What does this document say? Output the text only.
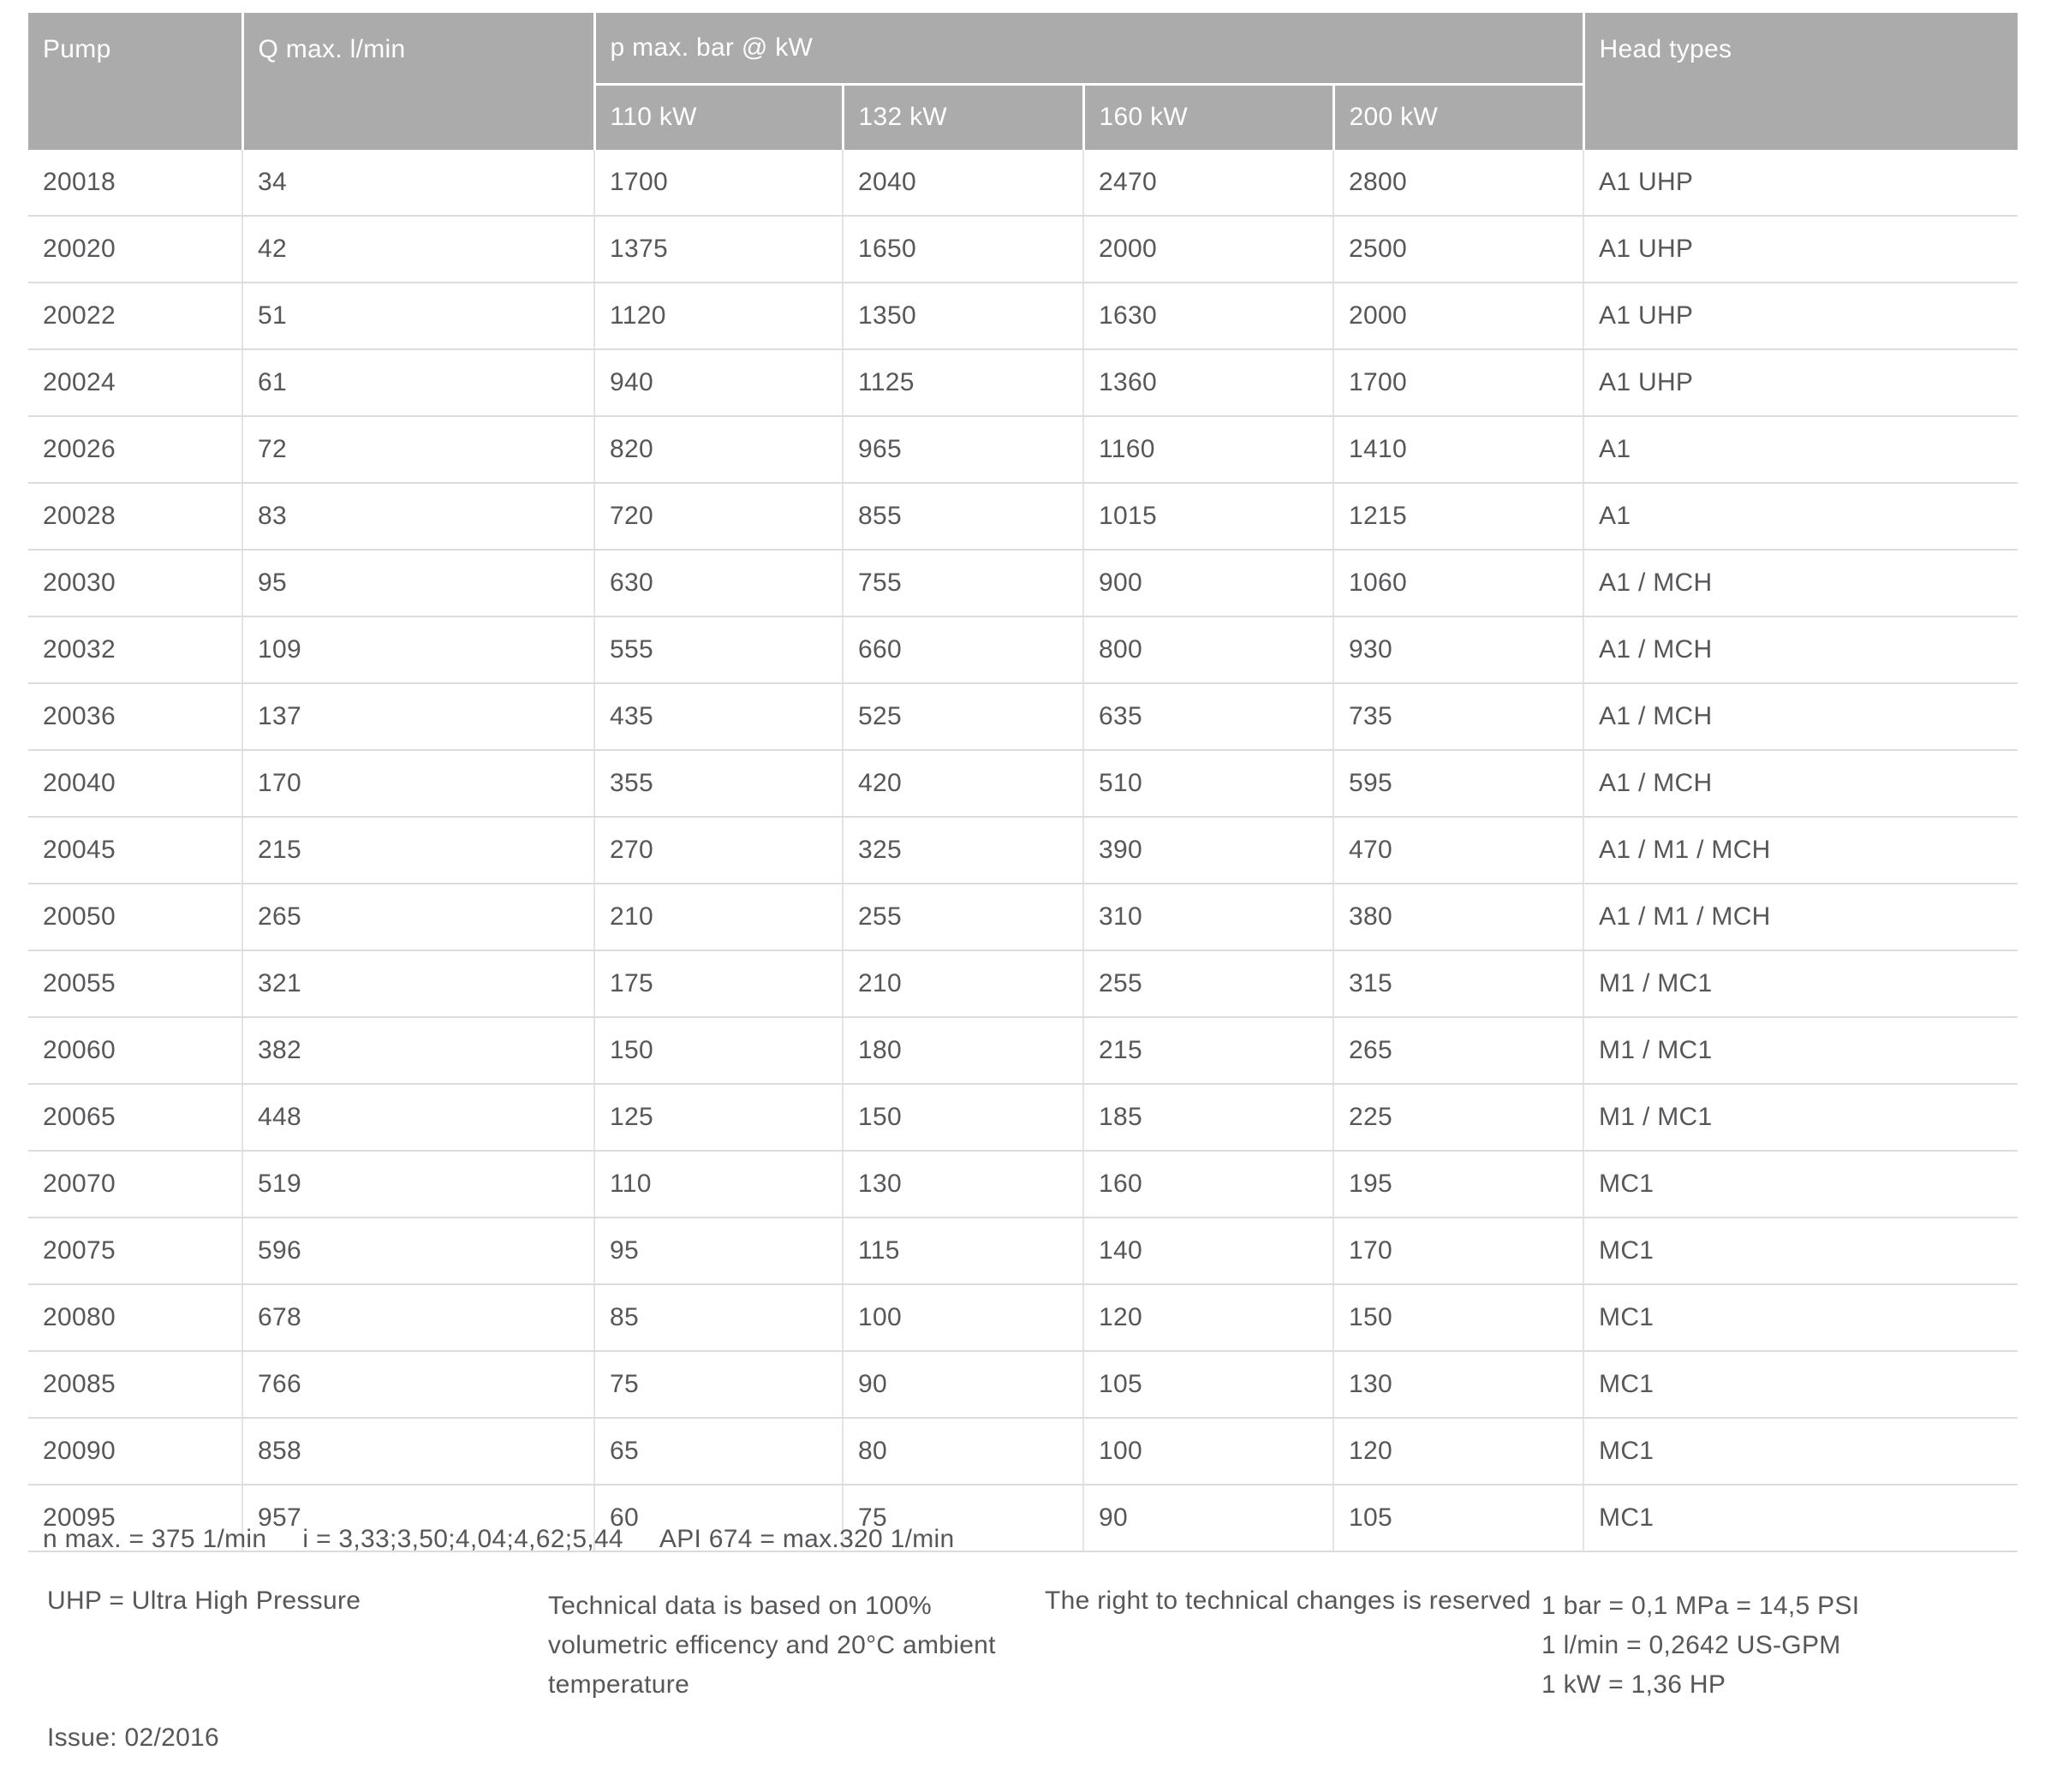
Pump	Q max. l/min	p max. bar @ kW				Head types
		110 kW	132 kW	160 kW	200 kW	
20018	34	1700	2040	2470	2800	A1 UHP
20020	42	1375	1650	2000	2500	A1 UHP
20022	51	1120	1350	1630	2000	A1 UHP
20024	61	940	1125	1360	1700	A1 UHP
20026	72	820	965	1160	1410	A1
20028	83	720	855	1015	1215	A1
20030	95	630	755	900	1060	A1 / MCH
20032	109	555	660	800	930	A1 / MCH
20036	137	435	525	635	735	A1 / MCH
20040	170	355	420	510	595	A1 / MCH
20045	215	270	325	390	470	A1 / M1 / MCH
20050	265	210	255	310	380	A1 / M1 / MCH
20055	321	175	210	255	315	M1 / MC1
20060	382	150	180	215	265	M1 / MC1
20065	448	125	150	185	225	M1 / MC1
20070	519	110	130	160	195	MC1
20075	596	95	115	140	170	MC1
20080	678	85	100	120	150	MC1
20085	766	75	90	105	130	MC1
20090	858	65	80	100	120	MC1
20095	957	60	75	90	105	MC1
n max. = 375 1/min i = 3,33;3,50;4,04;4,62;5,44 API 674 = max.320 1/min
UHP = Ultra High Pressure	Technical data is based on 100%
volumetric efficency and 20°C ambient
temperature
The right to technical changes is reserved 1 bar = 0,1 MPa = 14,5 PSI
1 l/min = 0,2642 US-GPM
1 kW = 1,36 HP
Issue: 02/2016
